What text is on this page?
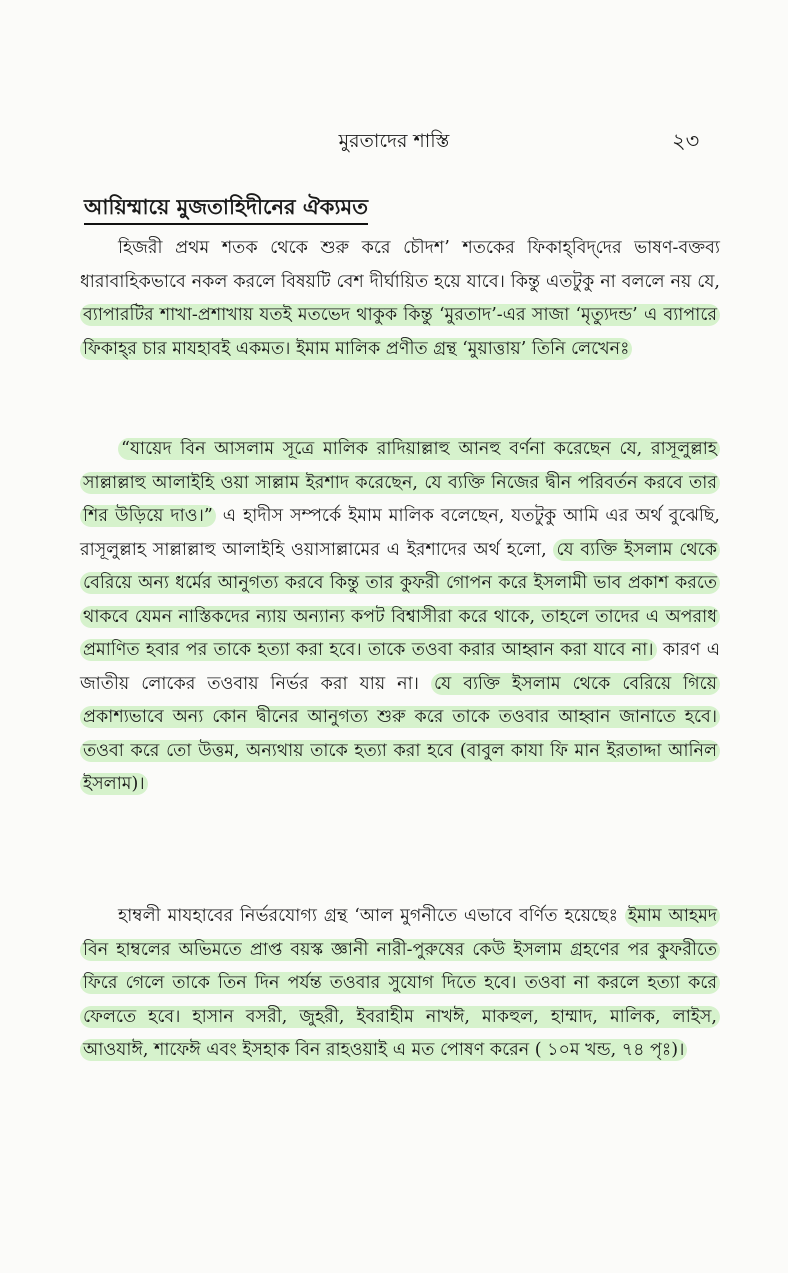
মুরতাদের শাস্তি	২৩
আয়িম্মায়ে মুজতাহিদীনের ঐক্যমত

হিজরী প্রথম শতক থেকে শুরু করে চৌদশ’ শতকের ফিকাহ্‌বিদ্‌দের ভাষণ-বক্তব্য ধারাবাহিকভাবে নকল করলে বিষয়টি বেশ দীর্ঘায়িত হয়ে যাবে। কিন্তু এতটুকু না বললে নয় যে, ব্যাপারটির শাখা-প্রশাখায় যতই মতভেদ থাকুক কিন্তু ‘মুরতাদ’-এর সাজা ‘মৃত্যুদন্ড’ এ ব্যাপারে ফিকাহ্‌র চার মাযহাবই একমত। ইমাম মালিক প্রণীত গ্রন্থ ‘মুয়াত্তায়’ তিনি লেখেনঃ

“যায়েদ বিন আসলাম সূত্রে মালিক রাদিয়াল্লাহু আনহু বর্ণনা করেছেন যে, রাসূলুল্লাহ সাল্লাল্লাহু আলাইহি ওয়া সাল্লাম ইরশাদ করেছেন, যে ব্যক্তি নিজের দ্বীন পরিবর্তন করবে তার শির উড়িয়ে দাও।” এ হাদীস সম্পর্কে ইমাম মালিক বলেছেন, যতটুকু আমি এর অর্থ বুঝেছি, রাসূলুল্লাহ সাল্লাল্লাহু আলাইহি ওয়াসাল্লামের এ ইরশাদের অর্থ হলো, যে ব্যক্তি ইসলাম থেকে বেরিয়ে অন্য ধর্মের আনুগত্য করবে কিন্তু তার কুফরী গোপন করে ইসলামী ভাব প্রকাশ করতে থাকবে যেমন নাস্তিকদের ন্যায় অন্যান্য কপট বিশ্বাসীরা করে থাকে, তাহলে তাদের এ অপরাধ প্রমাণিত হবার পর তাকে হত্যা করা হবে। তাকে তওবা করার আহ্বান করা যাবে না। কারণ এ জাতীয় লোকের তওবায় নির্ভর করা যায় না। যে ব্যক্তি ইসলাম থেকে বেরিয়ে গিয়ে প্রকাশ্যভাবে অন্য কোন দ্বীনের আনুগত্য শুরু করে তাকে তওবার আহ্বান জানাতে হবে। তওবা করে তো উত্তম, অন্যথায় তাকে হত্যা করা হবে (বাবুল কাযা ফি মান ইরতাদ্দা আনিল ইসলাম)।

হাম্বলী মাযহাবের নির্ভরযোগ্য গ্রন্থ ‘আল মুগনীতে এভাবে বর্ণিত হয়েছেঃ ইমাম আহমদ বিন হাম্বলের অভিমতে প্রাপ্ত বয়স্ক জ্ঞানী নারী-পুরুষের কেউ ইসলাম গ্রহণের পর কুফরীতে ফিরে গেলে তাকে তিন দিন পর্যন্ত তওবার সুযোগ দিতে হবে। তওবা না করলে হত্যা করে ফেলতে হবে। হাসান বসরী, জুহরী, ইবরাহীম নাখঈ, মাকহুল, হাম্মাদ, মালিক, লাইস, আওযাঈ, শাফেঈ এবং ইসহাক বিন রাহওয়াই এ মত পোষণ করেন ( ১০ম খন্ড, ৭৪ পৃঃ)।
